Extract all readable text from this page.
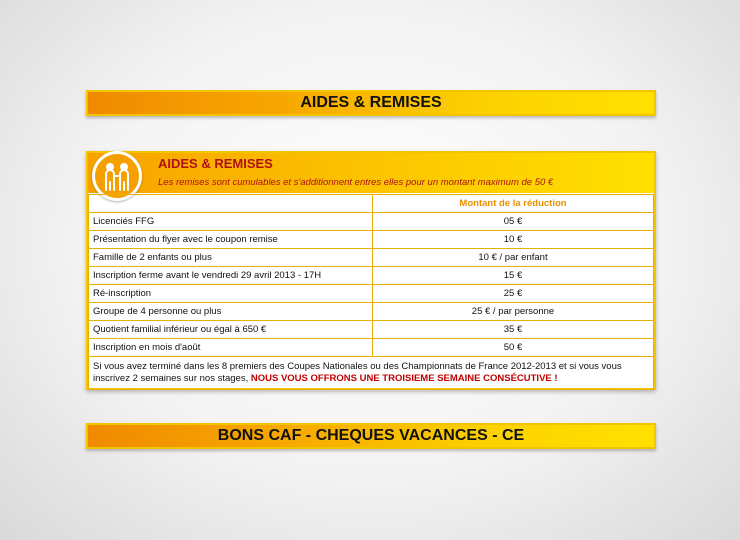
AIDES & REMISES
AIDES & REMISES
Les remises sont cumulables et s'additionnent entres elles pour un montant maximum de 50 €
	Montant de la réduction
Licenciés FFG	05 €
Présentation du flyer avec le coupon remise	10 €
Famille de 2 enfants ou plus	10 € / par enfant
Inscription ferme avant le vendredi 29 avril 2013 - 17H	15 €
Ré-inscription	25 €
Groupe de 4 personne ou plus	25 € / par personne
Quotient familial inférieur ou égal à 650 €	35 €
Inscription en mois d'août	50 €
Si vous avez terminé dans les 8 premiers des Coupes Nationales ou des Championnats de France 2012-2013 et si vous vous inscrivez 2 semaines sur nos stages, NOUS VOUS OFFRONS UNE TROISIEME SEMAINE CONSÉCUTIVE !	
BONS CAF - CHEQUES VACANCES - CE
